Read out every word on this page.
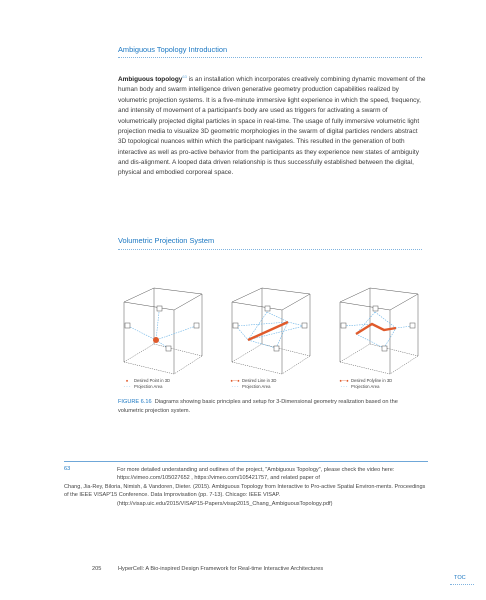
Ambiguous Topology Introduction
Ambiguous topology$^{63}$ is an installation which incorporates creatively combining dynamic movement of the human body and swarm intelligence driven generative geometry production capabilities realized by volumetric projection systems. It is a five-minute immersive light experience in which the speed, frequency, and intensity of movement of a participant's body are used as triggers for activating a swarm of volumetrically projected digital particles in space in real-time. The usage of fully immersive volumetric light projection media to visualize 3D geometric morphologies in the swarm of digital particles renders abstract 3D topological nuances within which the participant navigates. This resulted in the generation of both interactive as well as pro-active behavior from the participants as they experience new states of ambiguity and dis-alignment. A looped data driven relationship is thus successfully established between the digital, physical and embodied corporeal space.
Volumetric Projection System
● Desired Point in 3D
- - - Projection Area
●—● Desired Line in 3D
- - - Projection Area
●—● Desired Polyline in 3D
- - - Projection Area
FIGURE 6.16 Diagrams showing basic principles and setup for 3-Dimensional geometry realization based on the volumetric projection system.
63	For more detailed understanding and outlines of the project, "Ambiguous Topology", please check the video here:
https://vimeo.com/105027652 , https://vimeo.com/105421757, and related paper of
Chang, Jia-Rey, Biloria, Nimish, & Vandoren, Dieter. (2015). Ambiguous Topology from Interactive to Pro-active Spatial Environ-ments. Proceedings of the IEEE VISAP'15 Conference. Data Improvisation (pp. 7-13). Chicago: IEEE VISAP.
(http://visap.uic.edu/2015/VISAP15-Papers/visap2015_Chang_AmbiguousTopology.pdf)
205	HyperCell: A Bio-inspired Design Framework for Real-time Interactive Architectures
TOC
